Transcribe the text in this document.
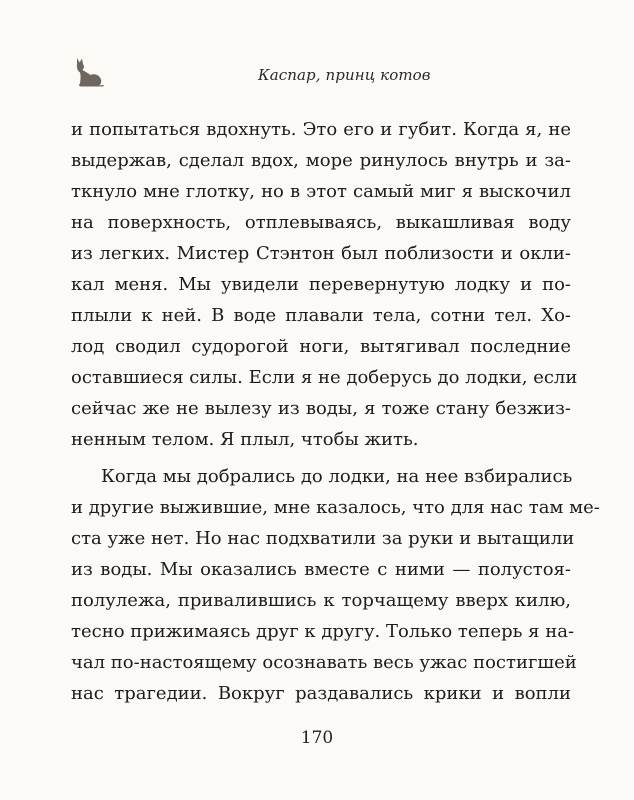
Каспар, принц котов
и попытаться вдохнуть. Это его и губит. Когда я, не
выдержав, сделал вдох, море ринулось внутрь и за-
ткнуло мне глотку, но в этот самый миг я выскочил
на поверхность, отплевываясь, выкашливая воду
из легких. Мистер Стэнтон был поблизости и окли-
кал меня. Мы увидели перевернутую лодку и по-
плыли к ней. В воде плавали тела, сотни тел. Хо-
лод сводил судорогой ноги, вытягивал последние
оставшиеся силы. Если я не доберусь до лодки, если
сейчас же не вылезу из воды, я тоже стану безжиз-
ненным телом. Я плыл, чтобы жить.
Когда мы добрались до лодки, на нее взбирались
и другие выжившие, мне казалось, что для нас там ме-
ста уже нет. Но нас подхватили за руки и вытащили
из воды. Мы оказались вместе с ними — полустоя-
полулежа, привалившись к торчащему вверх килю,
тесно прижимаясь друг к другу. Только теперь я на-
чал по-настоящему осознавать весь ужас постигшей
нас трагедии. Вокруг раздавались крики и вопли
170
